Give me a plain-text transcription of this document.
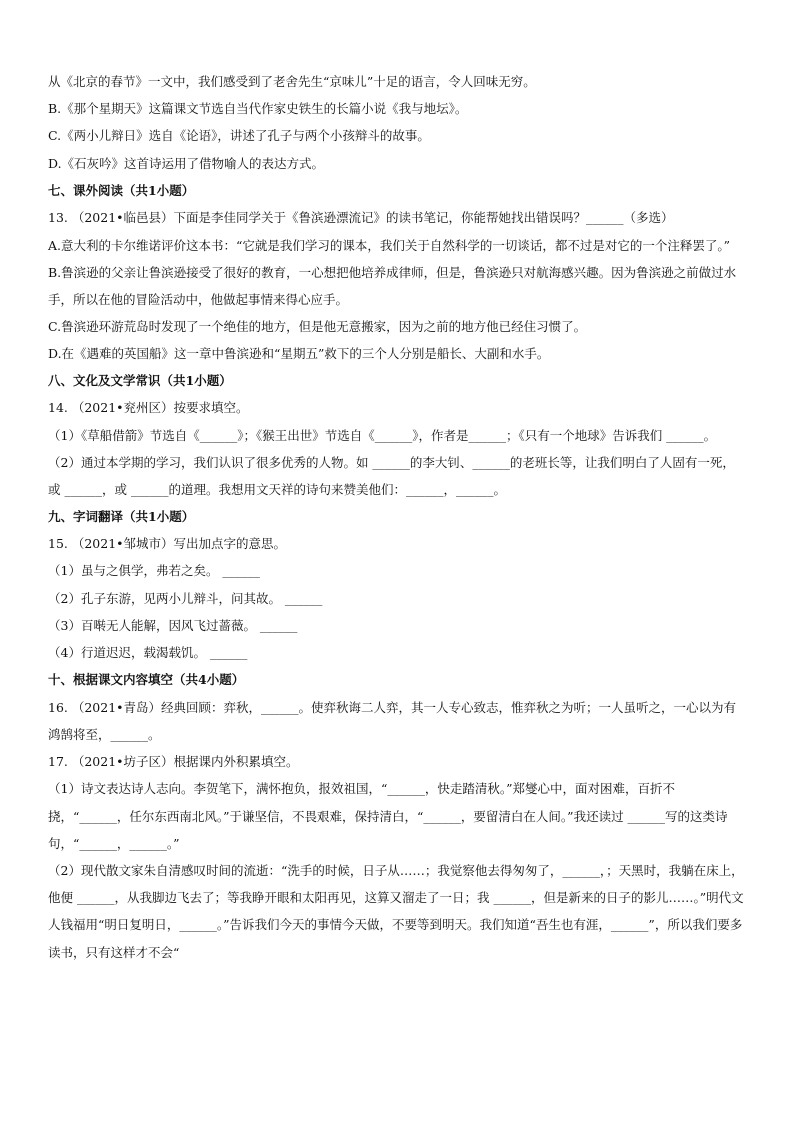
从《北京的春节》一文中，我们感受到了老舍先生“京味儿”十足的语言，令人回味无穷。
B.《那个星期天》这篇课文节选自当代作家史铁生的长篇小说《我与地坛》。
C.《两小儿辩日》选自《论语》，讲述了孔子与两个小孩辩斗的故事。
D.《石灰吟》这首诗运用了借物喻人的表达方式。
七、课外阅读（共1小题）
13. （2021•临邑县）下面是李佳同学关于《鲁滨逊漂流记》的读书笔记，你能帮她找出错误吗？______（多选）
A.意大利的卡尔维诺评价这本书：“它就是我们学习的课本，我们关于自然科学的一切谈话，都不过是对它的一个注释罢了。”
B.鲁滨逊的父亲让鲁滨逊接受了很好的教育，一心想把他培养成律师，但是，鲁滨逊只对航海感兴趣。因为鲁滨逊之前做过水手，所以在他的冒险活动中，他做起事情来得心应手。
C.鲁滨逊环游荒岛时发现了一个绝佳的地方，但是他无意搬家，因为之前的地方他已经住习惯了。
D.在《遇难的英国船》这一章中鲁滨逊和“星期五”救下的三个人分别是船长、大副和水手。
八、文化及文学常识（共1小题）
14. （2021•兖州区）按要求填空。
（1）《草船借箭》节选自《______》；《猴王出世》节选自《______》，作者是______；《只有一个地球》告诉我们 ______。
（2）通过本学期的学习，我们认识了很多优秀的人物。如 ______的李大钊、______的老班长等，让我们明白了人固有一死，或 ______，或 ______的道理。我想用文天祥的诗句来赞美他们：______，______。
九、字词翻译（共1小题）
15. （2021•邹城市）写出加点字的意思。
（1）虽与之俱学，弗若之矣。 ______
（2）孔子东游，见两小儿辩斗，问其故。 ______
（3）百啭无人能解，因风飞过蔷薇。 ______
（4）行道迟迟，载渴载饥。 ______
十、根据课文内容填空（共4小题）
16. （2021•青岛）经典回顾：弈秋，______。使弈秋诲二人弈，其一人专心致志，惟弈秋之为听；一人虽听之，一心以为有鸿鹄将至，______。
17. （2021•坊子区）根据课内外积累填空。
（1）诗文表达诗人志向。李贺笔下，满怀抱负，报效祖国，“______，快走踏清秋。”郑燮心中，面对困难，百折不挠，“______，任尔东西南北风。”于谦坚信，不畏艰难，保持清白，“______，要留清白在人间。”我还读过 ______写的这类诗句，“______，______。”
（2）现代散文家朱自清感叹时间的流逝：“洗手的时候，日子从……；我觉察他去得匆匆了，______，；天黑时，我躺在床上，他便 ______，从我脚边飞去了；等我睁开眼和太阳再见，这算又溜走了一日；我 ______，但是新来的日子的影儿……。”明代文人钱福用“明日复明日，______。”告诉我们今天的事情今天做，不要等到明天。我们知道“吾生也有涯，______”，所以我们要多读书，只有这样才不会“
